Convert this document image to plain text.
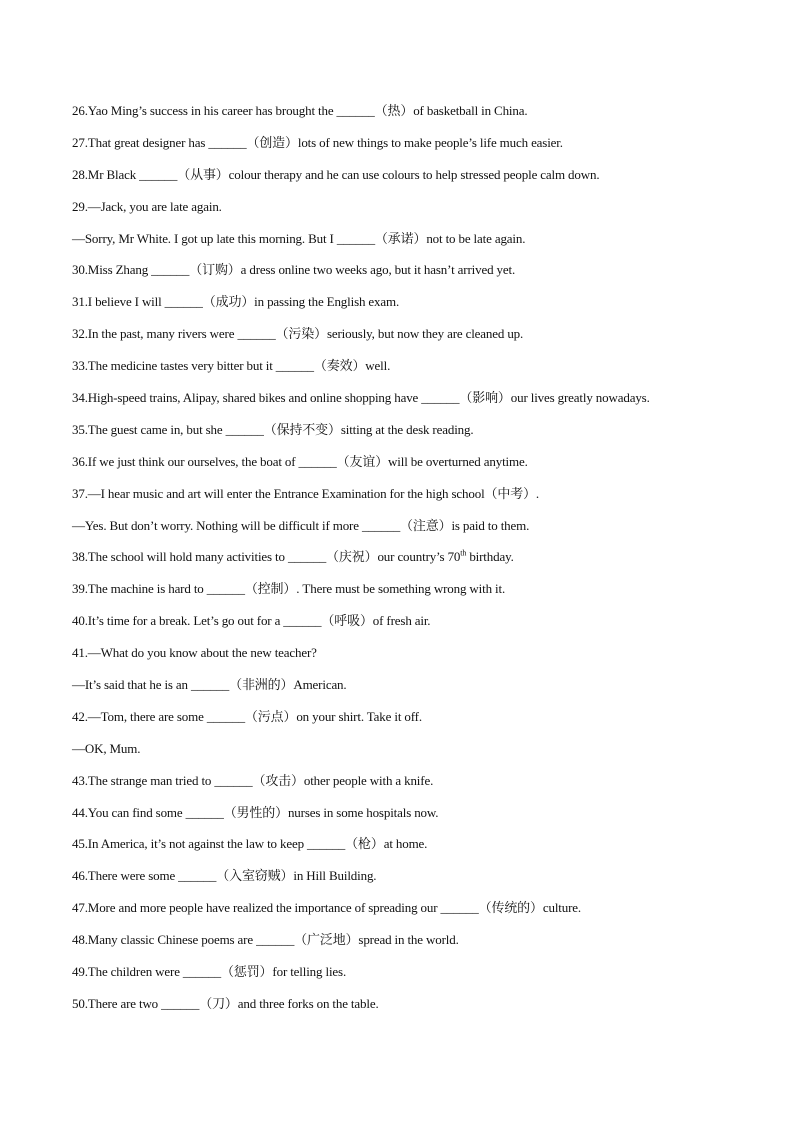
26.Yao Ming’s success in his career has brought the ______（热）of basketball in China.
27.That great designer has ______（创造）lots of new things to make people’s life much easier.
28.Mr Black ______（从事）colour therapy and he can use colours to help stressed people calm down.
29.—Jack, you are late again.
—Sorry, Mr White. I got up late this morning. But I ______（承诺）not to be late again.
30.Miss Zhang ______（订购）a dress online two weeks ago, but it hasn’t arrived yet.
31.I believe I will ______（成功）in passing the English exam.
32.In the past, many rivers were ______（污染）seriously, but now they are cleaned up.
33.The medicine tastes very bitter but it ______（奏效）well.
34.High-speed trains, Alipay, shared bikes and online shopping have ______（影响）our lives greatly nowadays.
35.The guest came in, but she ______（保持不变）sitting at the desk reading.
36.If we just think our ourselves, the boat of ______（友谊）will be overturned anytime.
37.—I hear music and art will enter the Entrance Examination for the high school（中考）.
—Yes. But don’t worry. Nothing will be difficult if more ______（注意）is paid to them.
38.The school will hold many activities to ______（庆祝）our country’s 70th birthday.
39.The machine is hard to ______（控制）. There must be something wrong with it.
40.It’s time for a break. Let’s go out for a ______（呼吸）of fresh air.
41.—What do you know about the new teacher?
—It’s said that he is an ______（非洲的）American.
42.—Tom, there are some ______（污点）on your shirt. Take it off.
—OK, Mum.
43.The strange man tried to ______（攻击）other people with a knife.
44.You can find some ______（男性的）nurses in some hospitals now.
45.In America, it’s not against the law to keep ______（枪）at home.
46.There were some ______（入室窃贼）in Hill Building.
47.More and more people have realized the importance of spreading our ______（传统的）culture.
48.Many classic Chinese poems are ______（广泛地）spread in the world.
49.The children were ______（惩罚）for telling lies.
50.There are two ______（刀）and three forks on the table.
